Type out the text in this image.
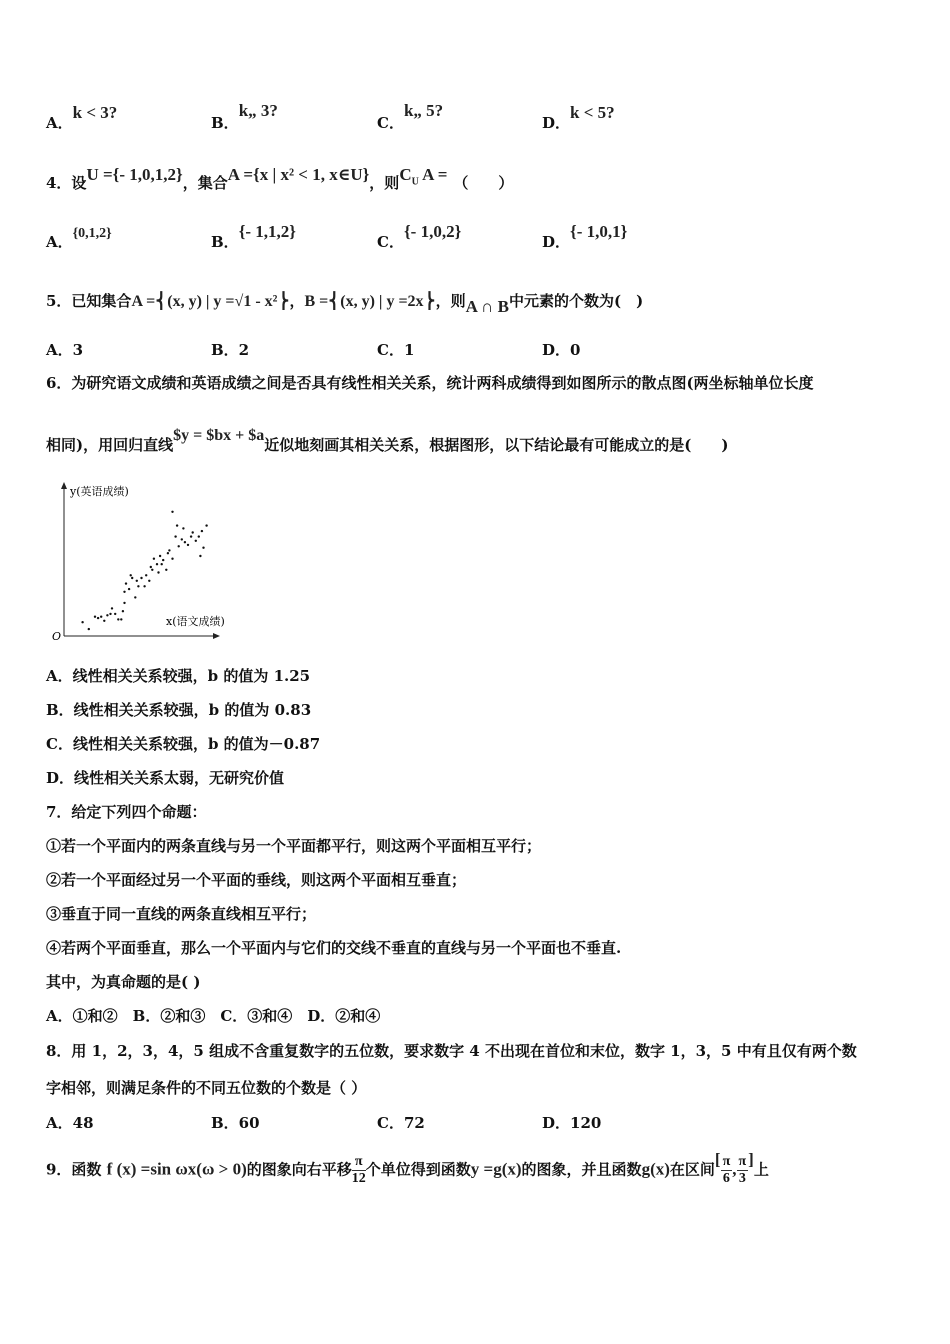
A．k < 3?
B．k„ 3?
C．k„ 5?
D．k < 5?
4．设U ={- 1,0,1,2}，集合A ={x | x² < 1, x∈U}，则$C_U$ A = （　　）
A．{0,1,2}	B．{- 1,1,2}
C．{- 1,0,2}
D．{- 1,0,1}
5．已知集合A =⎨(x, y) | y =√1 - x²⎬，B =⎨(x, y) | y =2x⎬，则A ∩ B中元素的个数为(　)
A．3	B．2	C．1	D．0
6．为研究语文成绩和英语成绩之间是否具有线性相关关系，统计两科成绩得到如图所示的散点图(两坐标轴单位长度
相同)，用回归直线$y = $bx + $a近似地刻画其相关关系，根据图形，以下结论最有可能成立的是(　　)
y(英语成绩)
x(语文成绩)
O
A．线性相关关系较强，b 的值为 1.25
B．线性相关关系较强，b 的值为 0.83
C．线性相关关系较强，b 的值为－0.87
D．线性相关关系太弱，无研究价值
7．给定下列四个命题：
①若一个平面内的两条直线与另一个平面都平行，则这两个平面相互平行；
②若一个平面经过另一个平面的垂线，则这两个平面相互垂直；
③垂直于同一直线的两条直线相互平行；
④若两个平面垂直，那么一个平面内与它们的交线不垂直的直线与另一个平面也不垂直.
其中，为真命题的是( )
A．①和②　B．②和③　C．③和④　D．②和④
8．用 1，2，3，4，5 组成不含重复数字的五位数，要求数字 4 不出现在首位和末位，数字 1，3，5 中有且仅有两个数
字相邻，则满足条件的不同五位数的个数是（ ）
A．48	B．60	C．72	D．120
9．函数 f (x) =sin ωx(ω > 0)的图象向右平移 $\frac{\pi}{12}$ 个单位得到函数y =g(x)的图象，并且函数g(x)在区间[ $\frac{\pi}{6}$ , $\frac{\pi}{3}$ ]上
